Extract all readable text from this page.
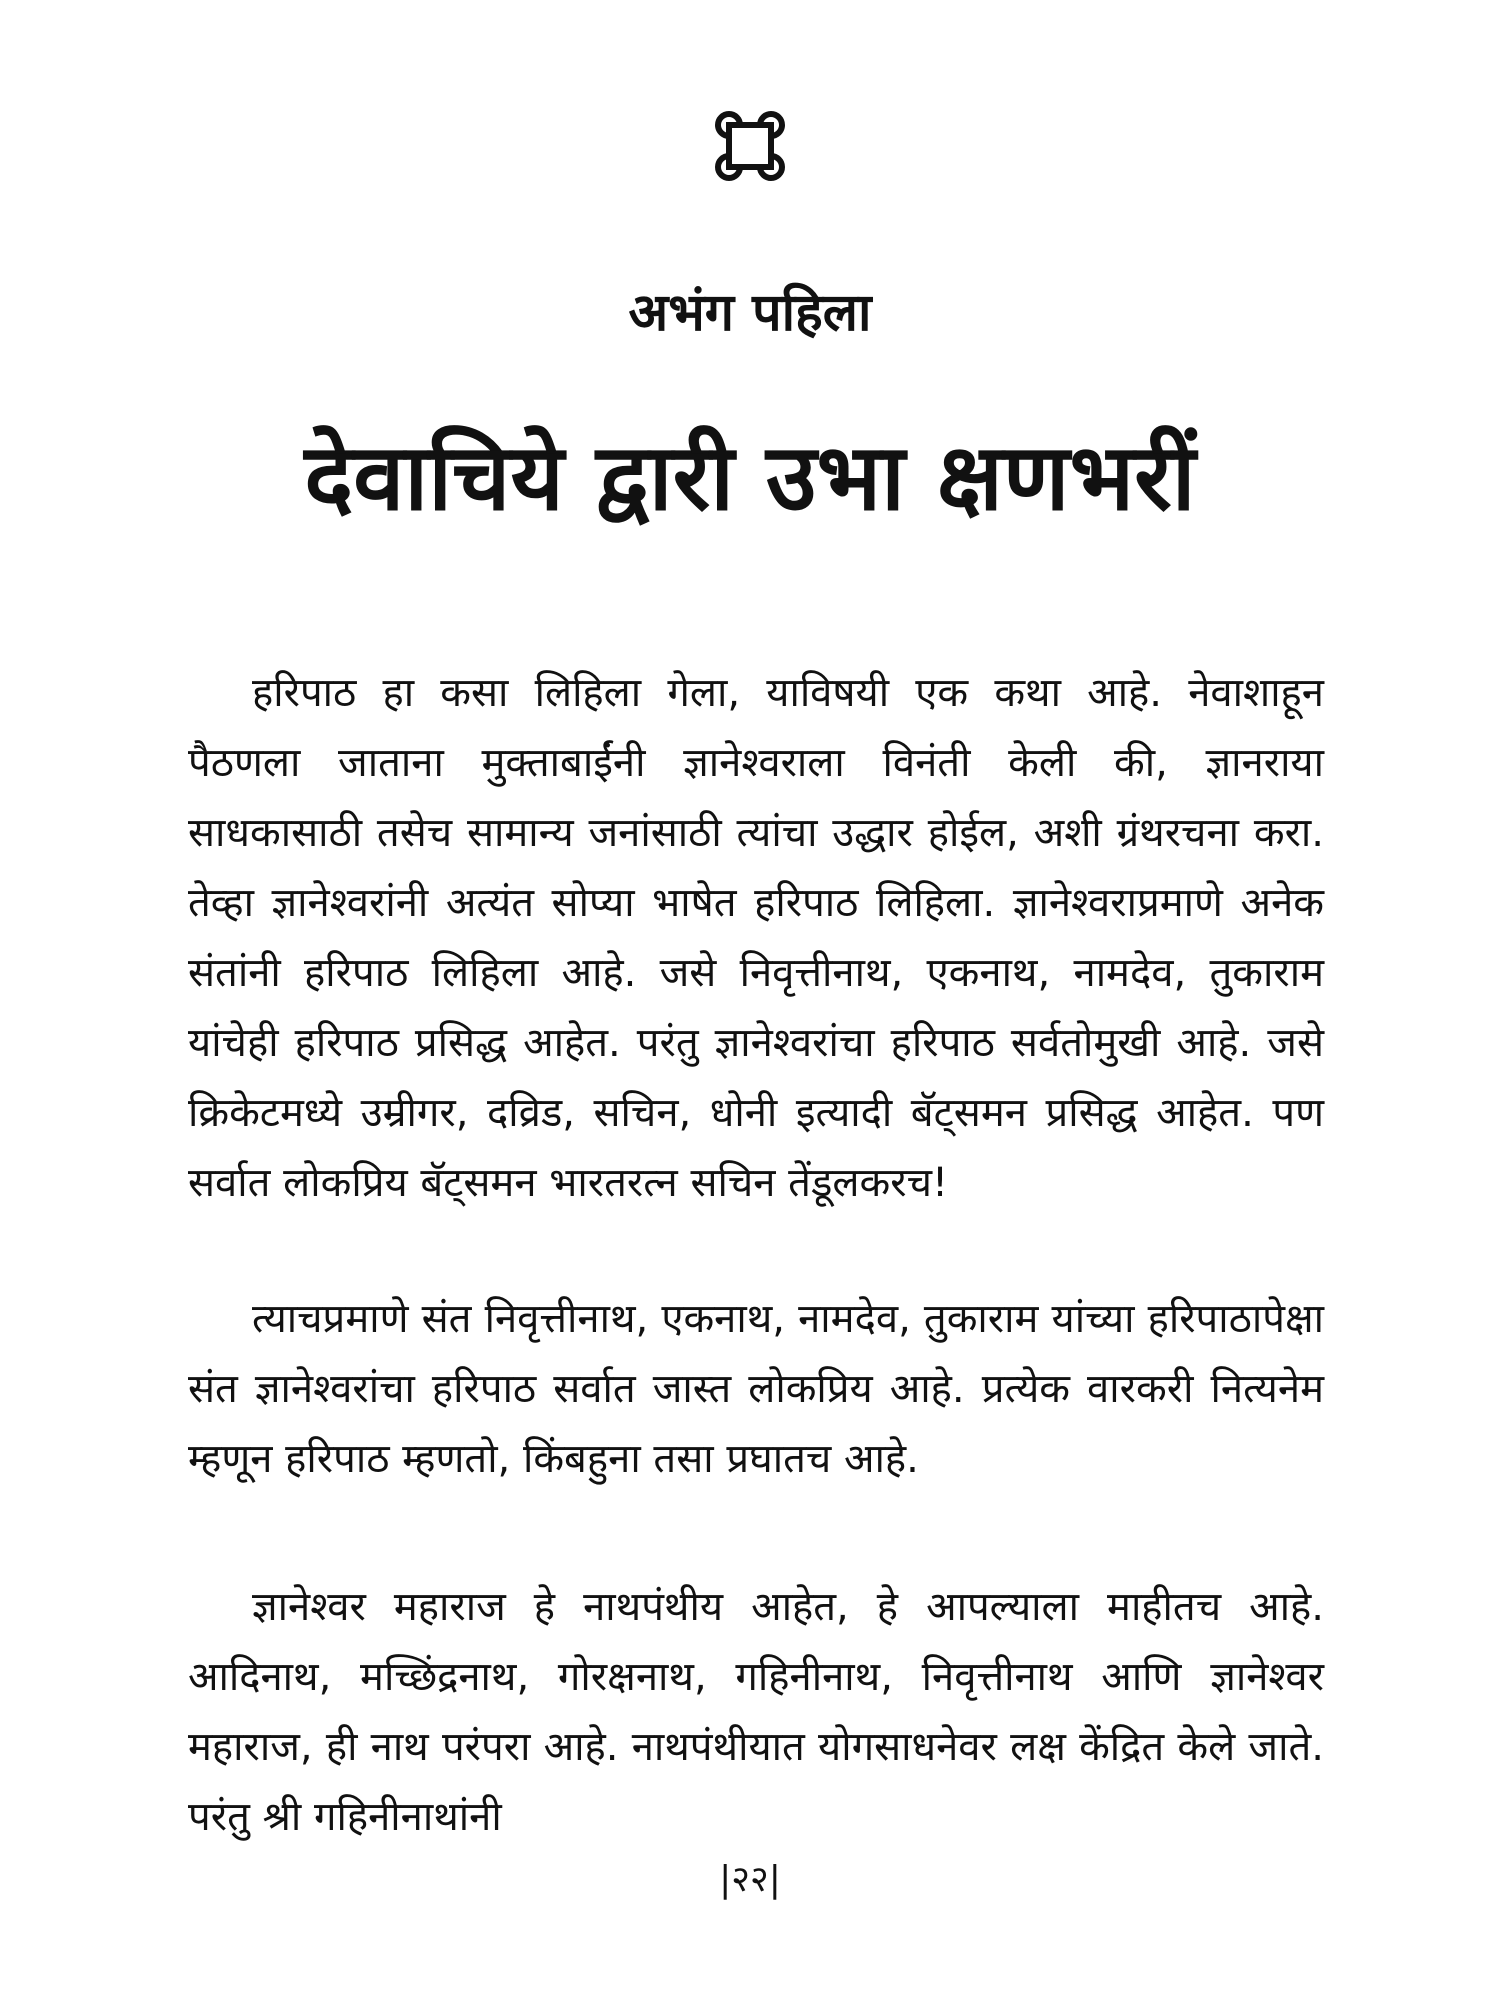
अभंग पहिला
देवाचिये द्वारी उभा क्षणभरीं

हरिपाठ हा कसा लिहिला गेला, याविषयी एक कथा आहे. नेवाशाहून पैठणला जाताना मुक्ताबाईंनी ज्ञानेश्वराला विनंती केली की, ज्ञानराया साधकासाठी तसेच सामान्य जनांसाठी त्यांचा उद्धार होईल, अशी ग्रंथरचना करा. तेव्हा ज्ञानेश्वरांनी अत्यंत सोप्या भाषेत हरिपाठ लिहिला. ज्ञानेश्वराप्रमाणे अनेक संतांनी हरिपाठ लिहिला आहे. जसे निवृत्तीनाथ, एकनाथ, नामदेव, तुकाराम यांचेही हरिपाठ प्रसिद्ध आहेत. परंतु ज्ञानेश्वरांचा हरिपाठ सर्वतोमुखी आहे. जसे क्रिकेटमध्ये उम्रीगर, दव्रिड, सचिन, धोनी इत्यादी बॅट्समन प्रसिद्ध आहेत. पण सर्वात लोकप्रिय बॅट्समन भारतरत्न सचिन तेंडूलकरच!

त्याचप्रमाणे संत निवृत्तीनाथ, एकनाथ, नामदेव, तुकाराम यांच्या हरिपाठापेक्षा संत ज्ञानेश्वरांचा हरिपाठ सर्वात जास्त लोकप्रिय आहे. प्रत्येक वारकरी नित्यनेम म्हणून हरिपाठ म्हणतो, किंबहुना तसा प्रघातच आहे.

ज्ञानेश्वर महाराज हे नाथपंथीय आहेत, हे आपल्याला माहीतच आहे. आदिनाथ, मच्छिंद्रनाथ, गोरक्षनाथ, गहिनीनाथ, निवृत्तीनाथ आणि ज्ञानेश्वर महाराज, ही नाथ परंपरा आहे. नाथपंथीयात योगसाधनेवर लक्ष केंद्रित केले जाते. परंतु श्री गहिनीनाथांनी

|२२|
